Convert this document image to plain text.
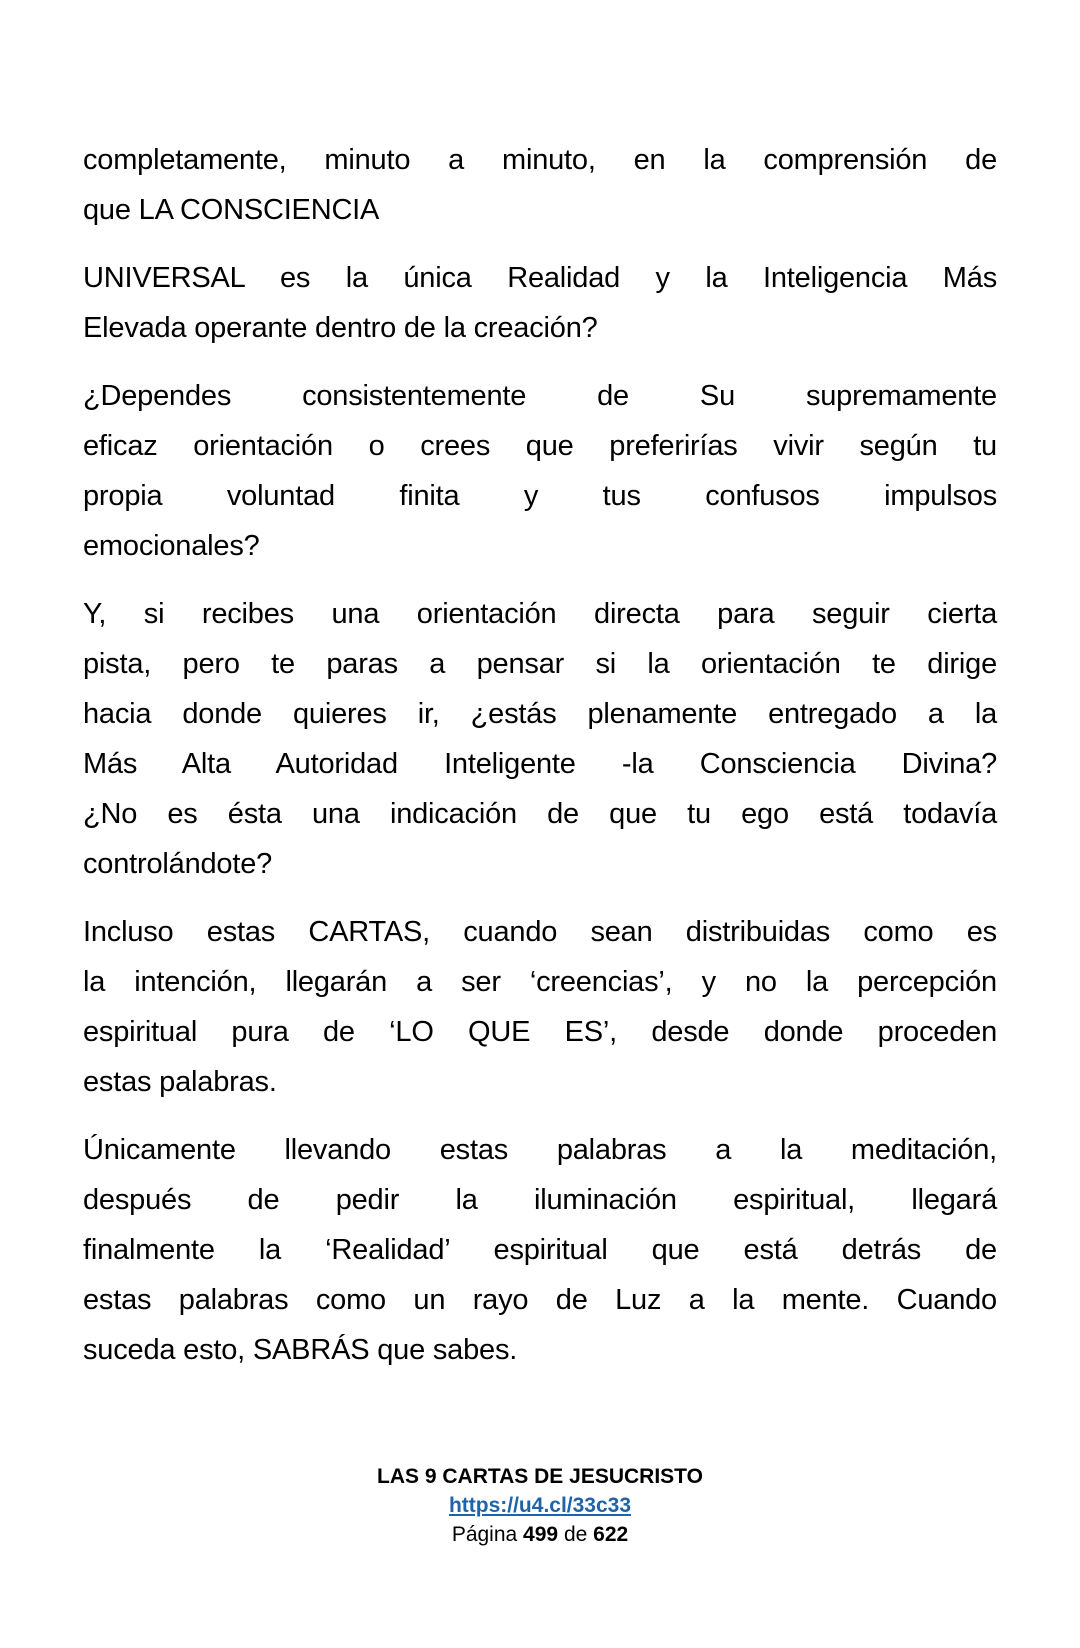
completamente, minuto a minuto, en la comprensión de
que LA CONSCIENCIA
UNIVERSAL es la única Realidad y la Inteligencia Más
Elevada operante dentro de la creación?
¿Dependes consistentemente de Su supremamente
eficaz orientación o crees que preferirías vivir según tu
propia voluntad finita y tus confusos impulsos
emocionales?
Y, si recibes una orientación directa para seguir cierta
pista, pero te paras a pensar si la orientación te dirige
hacia donde quieres ir, ¿estás plenamente entregado a la
Más Alta Autoridad Inteligente -la Consciencia Divina?
¿No es ésta una indicación de que tu ego está todavía
controlándote?
Incluso estas CARTAS, cuando sean distribuidas como es
la intención, llegarán a ser ‘creencias’, y no la percepción
espiritual pura de ‘LO QUE ES’, desde donde proceden
estas palabras.
Únicamente llevando estas palabras a la meditación,
después de pedir la iluminación espiritual, llegará
finalmente la ‘Realidad’ espiritual que está detrás de
estas palabras como un rayo de Luz a la mente. Cuando
suceda esto, SABRÁS que sabes.
LAS 9 CARTAS DE JESUCRISTO
https://u4.cl/33c33
Página 499 de 622
